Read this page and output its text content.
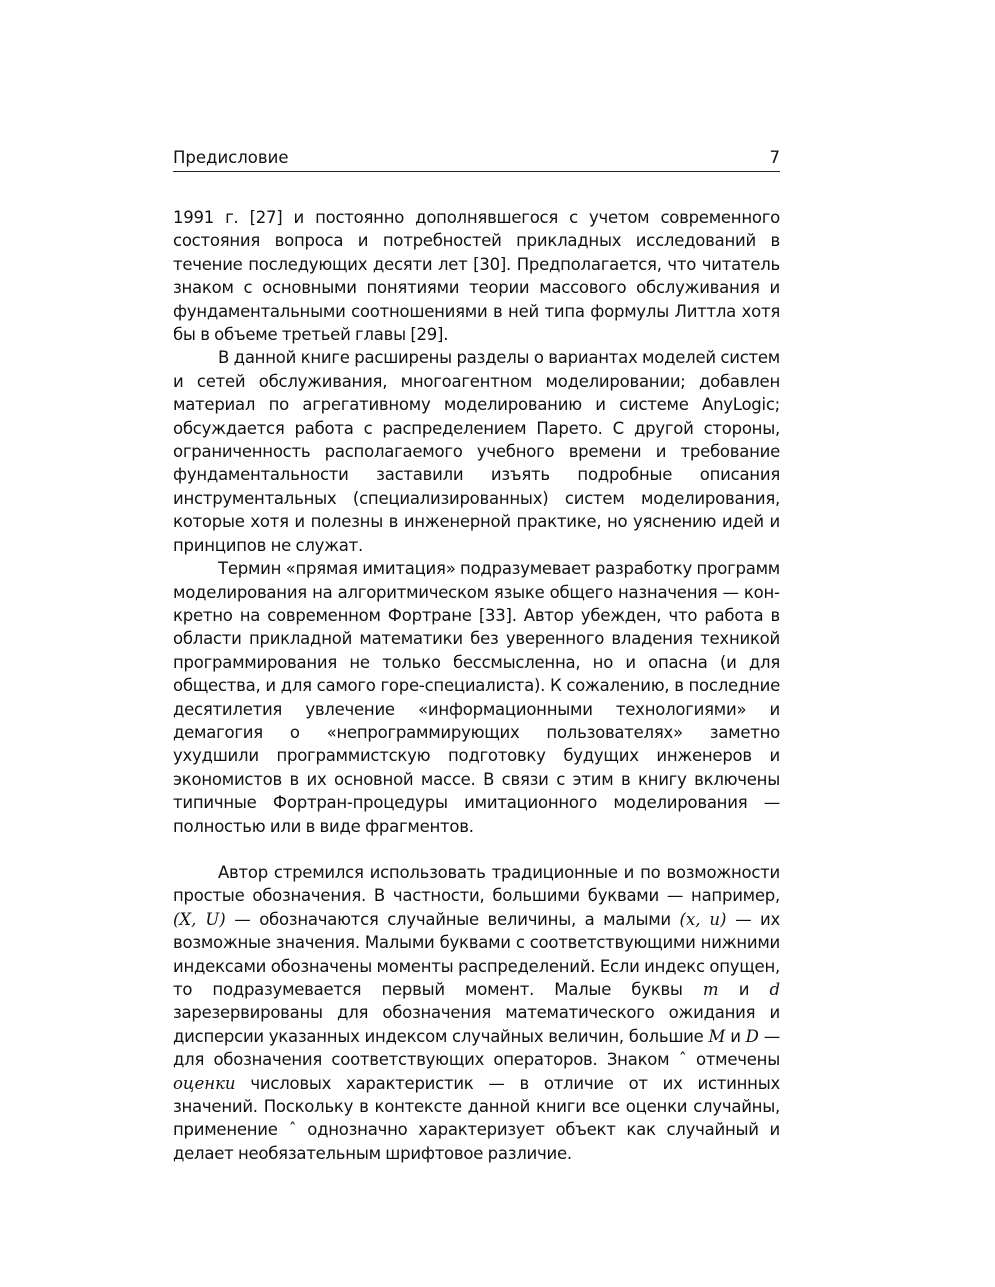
Предисловие	7

1991 г. [27] и постоянно дополнявшегося с учетом современного состояния вопроса и потребностей прикладных исследований в течение последующих десяти лет [30]. Предполагается, что читатель знаком с основными понятиями теории массового обслуживания и фундаментальными соотношениями в ней типа формулы Литтла хотя бы в объеме третьей главы [29].

В данной книге расширены разделы о вариантах моделей систем и сетей обслуживания, многоагентном моделировании; добавлен материал по агрегативному моделированию и системе AnyLogic; обсуждается работа с распределением Парето. С другой стороны, ограниченность располагаемого учебного времени и требование фундаментальности заставили изъять подробные описания инструментальных (специализированных) систем моделирования, которые хотя и полезны в инженерной практике, но уяснению идей и принципов не служат.

Термин «прямая имитация» подразумевает разработку программ моделирования на алгоритмическом языке общего назначения — конкретно на современном Фортране [33]. Автор убежден, что работа в области прикладной математики без уверенного владения техникой программирования не только бессмысленна, но и опасна (и для общества, и для самого горе-специалиста). К сожалению, в последние десятилетия увлечение «информационными технологиями» и демагогия о «непрограммирующих пользователях» заметно ухудшили программистскую подготовку будущих инженеров и экономистов в их основной массе. В связи с этим в книгу включены типичные Фортран-процедуры имитационного моделирования — полностью или в виде фрагментов.

Автор стремился использовать традиционные и по возможности простые обозначения. В частности, большими буквами — например, (X, U) — обозначаются случайные величины, а малыми (x, u) — их возможные значения. Малыми буквами с соответствующими нижними индексами обозначены моменты распределений. Если индекс опущен, то подразумевается первый момент. Малые буквы m и d зарезервированы для обозначения математического ожидания и дисперсии указанных индексом случайных величин, большие M и D — для обозначения соответствующих операторов. Знаком ˆ отмечены оценки числовых характеристик — в отличие от их истинных значений. Поскольку в контексте данной книги все оценки случайны, применение ˆ однозначно характеризует объект как случайный и делает необязательным шрифтовое различие.
